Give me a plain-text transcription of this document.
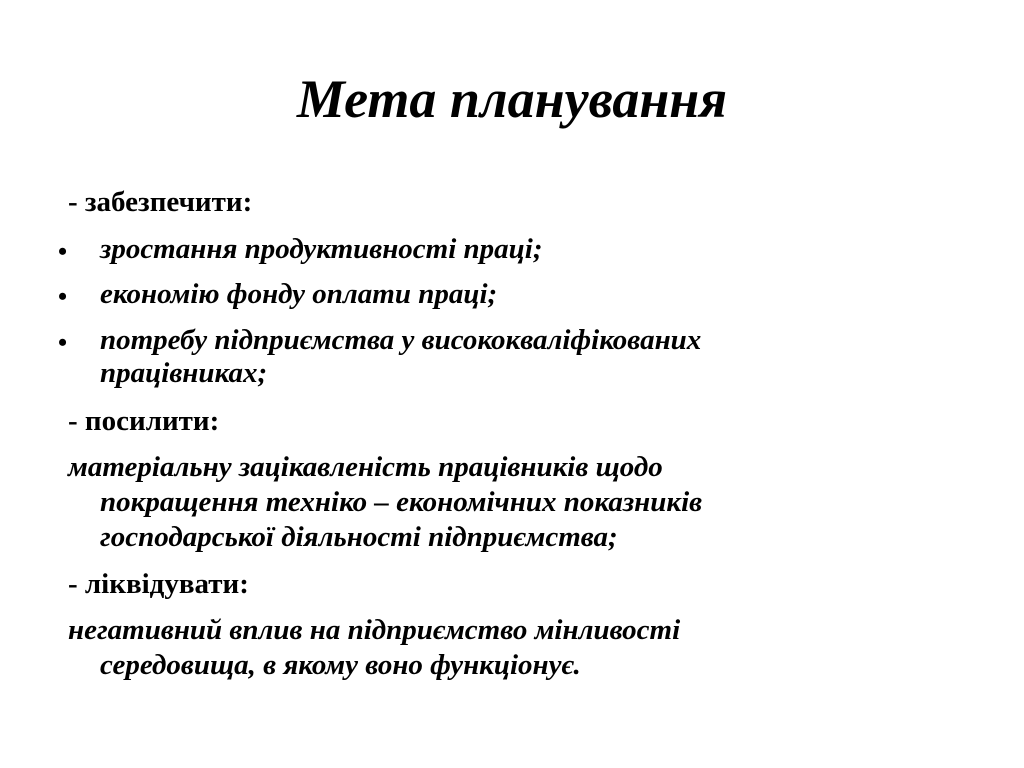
Мета планування
- забезпечити:
• зростання продуктивності праці;
• економію фонду оплати праці;
• потребу підприємства у висококваліфікованих
працівниках;
- посилити:
матеріальну зацікавленість працівників щодо
покращення техніко – економічних показників
господарської діяльності підприємства;
- ліквідувати:
негативний вплив на підприємство мінливості
середовища, в якому воно функціонує.
